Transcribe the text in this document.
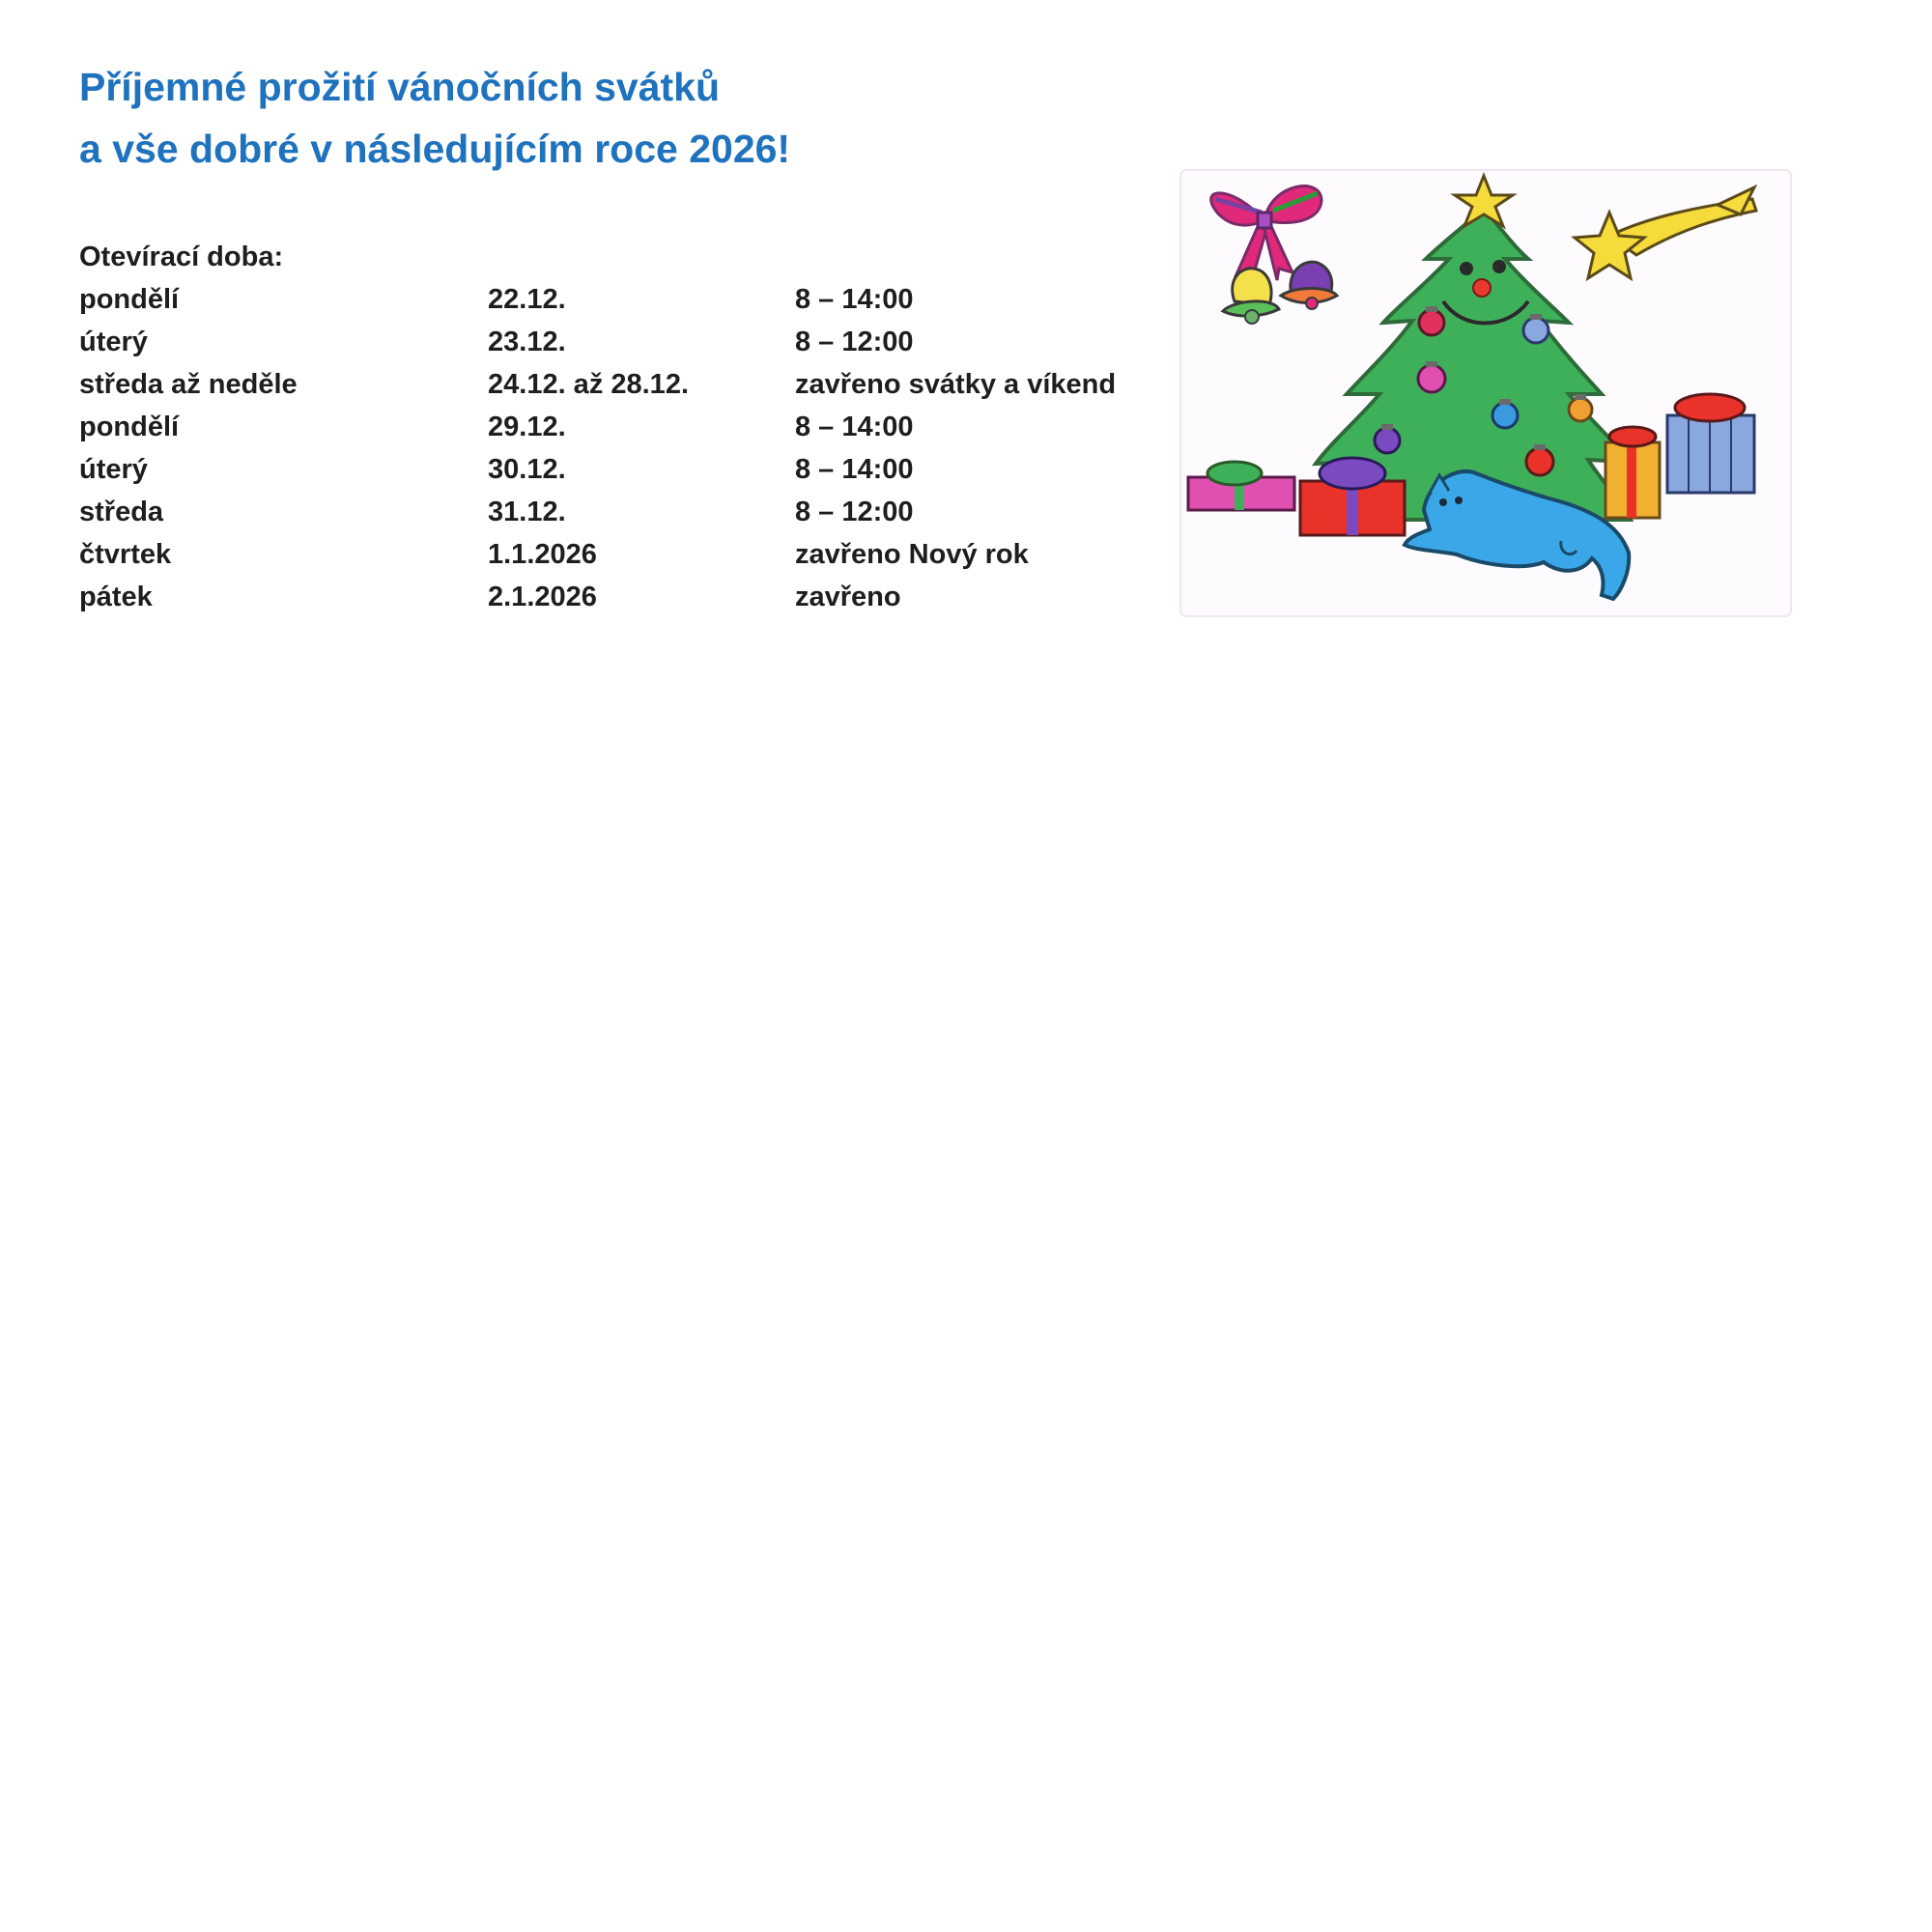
Příjemné prožití vánočních svátků
a vše dobré v následujícím roce 2026!
Otevírací doba:
pondělí	22.12.	8 – 14:00
úterý	23.12.	8 – 12:00
středa až neděle	24.12. až 28.12.	zavřeno svátky a víkend
pondělí	29.12.	8 – 14:00
úterý	30.12.	8 – 14:00
středa	31.12.	8 – 12:00
čtvrtek	1.1.2026	zavřeno Nový rok
pátek	2.1.2026	zavřeno
